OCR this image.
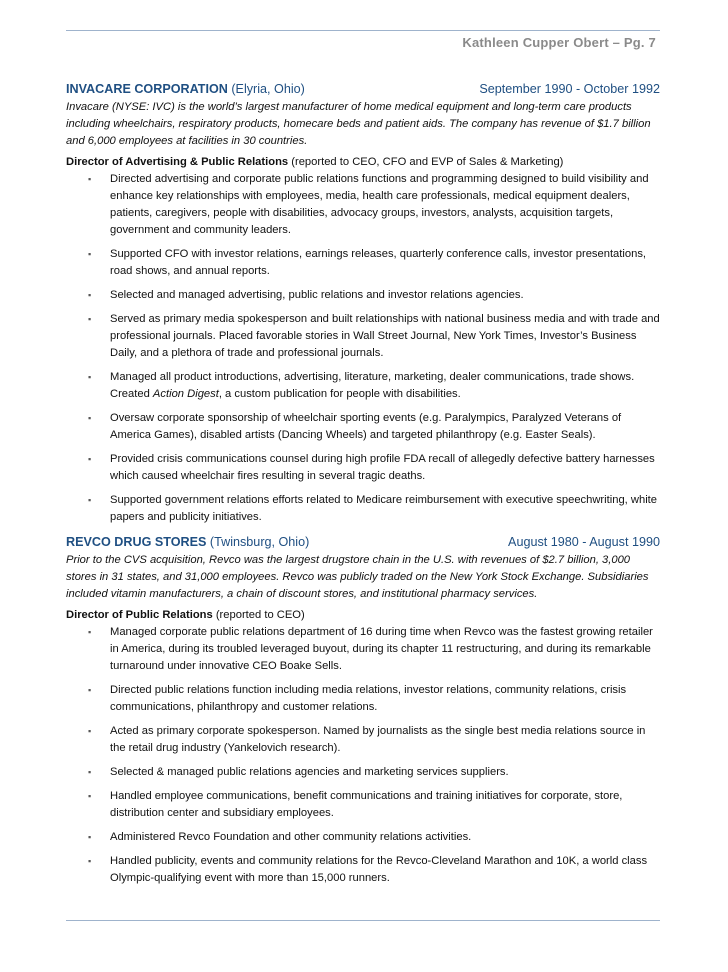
Kathleen Cupper Obert – Pg. 7
INVACARE CORPORATION (Elyria, Ohio)	September 1990 - October 1992
Invacare (NYSE: IVC) is the world’s largest manufacturer of home medical equipment and long-term care products including wheelchairs, respiratory products, homecare beds and patient aids. The company has revenue of $1.7 billion and 6,000 employees at facilities in 30 countries.
Director of Advertising & Public Relations (reported to CEO, CFO and EVP of Sales & Marketing)
▪ Directed advertising and corporate public relations functions and programming designed to build visibility and enhance key relationships with employees, media, health care professionals, medical equipment dealers, patients, caregivers, people with disabilities, advocacy groups, investors, analysts, acquisition targets, government and community leaders.
▪ Supported CFO with investor relations, earnings releases, quarterly conference calls, investor presentations, road shows, and annual reports.
▪ Selected and managed advertising, public relations and investor relations agencies.
▪ Served as primary media spokesperson and built relationships with national business media and with trade and professional journals. Placed favorable stories in Wall Street Journal, New York Times, Investor’s Business Daily, and a plethora of trade and professional journals.
▪ Managed all product introductions, advertising, literature, marketing, dealer communications, trade shows. Created Action Digest, a custom publication for people with disabilities.
▪ Oversaw corporate sponsorship of wheelchair sporting events (e.g. Paralympics, Paralyzed Veterans of America Games), disabled artists (Dancing Wheels) and targeted philanthropy (e.g. Easter Seals).
▪ Provided crisis communications counsel during high profile FDA recall of allegedly defective battery harnesses which caused wheelchair fires resulting in several tragic deaths.
▪ Supported government relations efforts related to Medicare reimbursement with executive speechwriting, white papers and publicity initiatives.
REVCO DRUG STORES (Twinsburg, Ohio)	August 1980 - August 1990
Prior to the CVS acquisition, Revco was the largest drugstore chain in the U.S. with revenues of $2.7 billion, 3,000 stores in 31 states, and 31,000 employees. Revco was publicly traded on the New York Stock Exchange. Subsidiaries included vitamin manufacturers, a chain of discount stores, and institutional pharmacy services.
Director of Public Relations (reported to CEO)
▪ Managed corporate public relations department of 16 during time when Revco was the fastest growing retailer in America, during its troubled leveraged buyout, during its chapter 11 restructuring, and during its remarkable turnaround under innovative CEO Boake Sells.
▪ Directed public relations function including media relations, investor relations, community relations, crisis communications, philanthropy and customer relations.
▪ Acted as primary corporate spokesperson. Named by journalists as the single best media relations source in the retail drug industry (Yankelovich research).
▪ Selected & managed public relations agencies and marketing services suppliers.
▪ Handled employee communications, benefit communications and training initiatives for corporate, store, distribution center and subsidiary employees.
▪ Administered Revco Foundation and other community relations activities.
▪ Handled publicity, events and community relations for the Revco-Cleveland Marathon and 10K, a world class Olympic-qualifying event with more than 15,000 runners.
